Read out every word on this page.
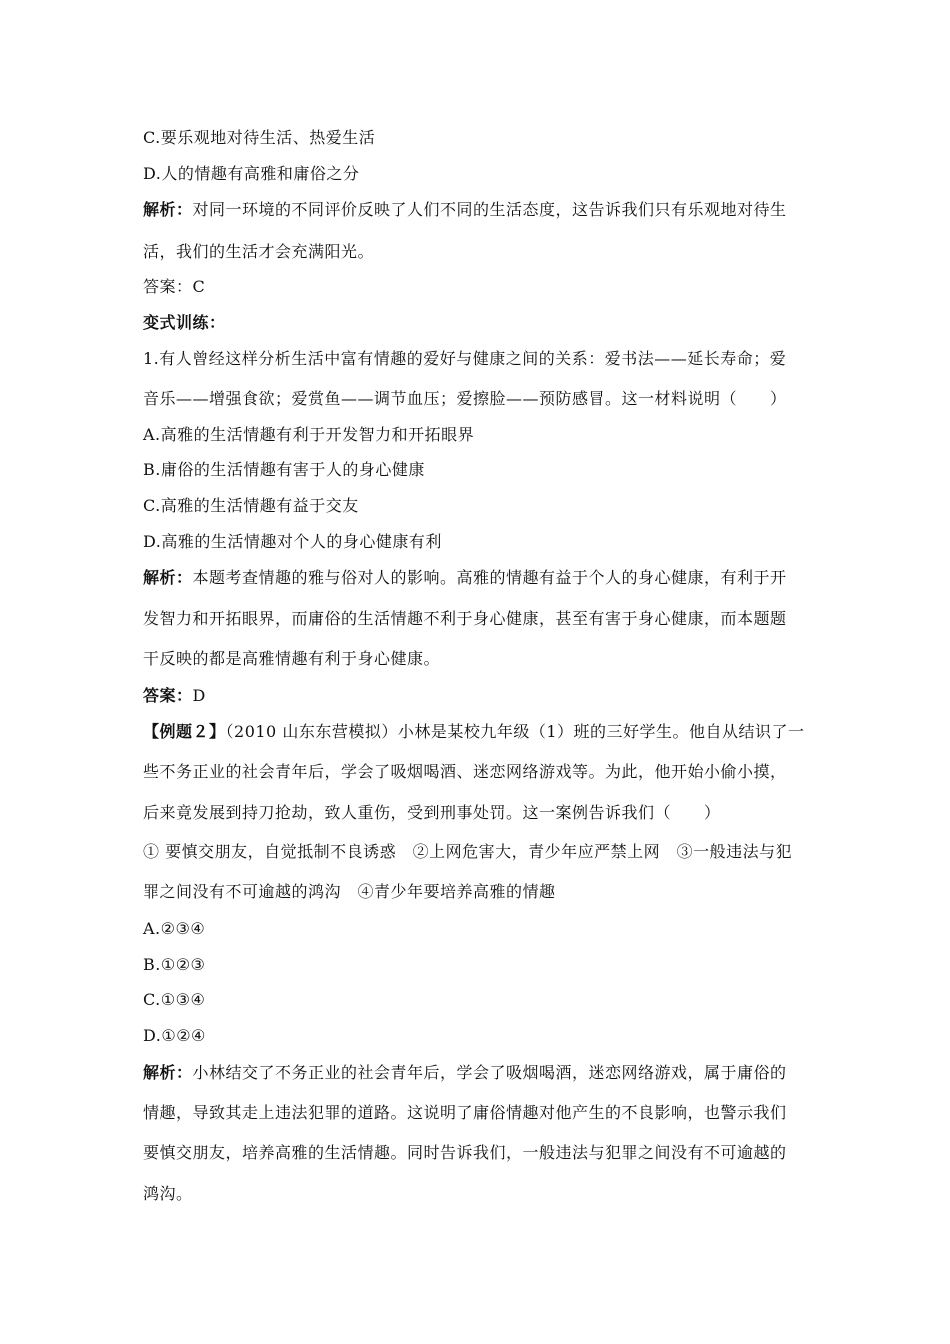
C.要乐观地对待生活、热爱生活
D.人的情趣有高雅和庸俗之分
解析：对同一环境的不同评价反映了人们不同的生活态度，这告诉我们只有乐观地对待生
活，我们的生活才会充满阳光。
答案：C
变式训练：
1.有人曾经这样分析生活中富有情趣的爱好与健康之间的关系：爱书法——延长寿命；爱
音乐——增强食欲；爱赏鱼——调节血压；爱擦脸——预防感冒。这一材料说明（　　）
A.高雅的生活情趣有利于开发智力和开拓眼界
B.庸俗的生活情趣有害于人的身心健康
C.高雅的生活情趣有益于交友
D.高雅的生活情趣对个人的身心健康有利
解析：本题考查情趣的雅与俗对人的影响。高雅的情趣有益于个人的身心健康，有利于开
发智力和开拓眼界，而庸俗的生活情趣不利于身心健康，甚至有害于身心健康，而本题题
干反映的都是高雅情趣有利于身心健康。
答案：D
【例题２】（2010 山东东营模拟）小林是某校九年级（1）班的三好学生。他自从结识了一
些不务正业的社会青年后，学会了吸烟喝酒、迷恋网络游戏等。为此，他开始小偷小摸，
后来竟发展到持刀抢劫，致人重伤，受到刑事处罚。这一案例告诉我们（　　）
① 要慎交朋友，自觉抵制不良诱惑　②上网危害大，青少年应严禁上网　③一般违法与犯
罪之间没有不可逾越的鸿沟　④青少年要培养高雅的情趣
A.②③④
B.①②③
C.①③④
D.①②④
解析：小林结交了不务正业的社会青年后，学会了吸烟喝酒，迷恋网络游戏，属于庸俗的
情趣，导致其走上违法犯罪的道路。这说明了庸俗情趣对他产生的不良影响，也警示我们
要慎交朋友，培养高雅的生活情趣。同时告诉我们，一般违法与犯罪之间没有不可逾越的
鸿沟。
